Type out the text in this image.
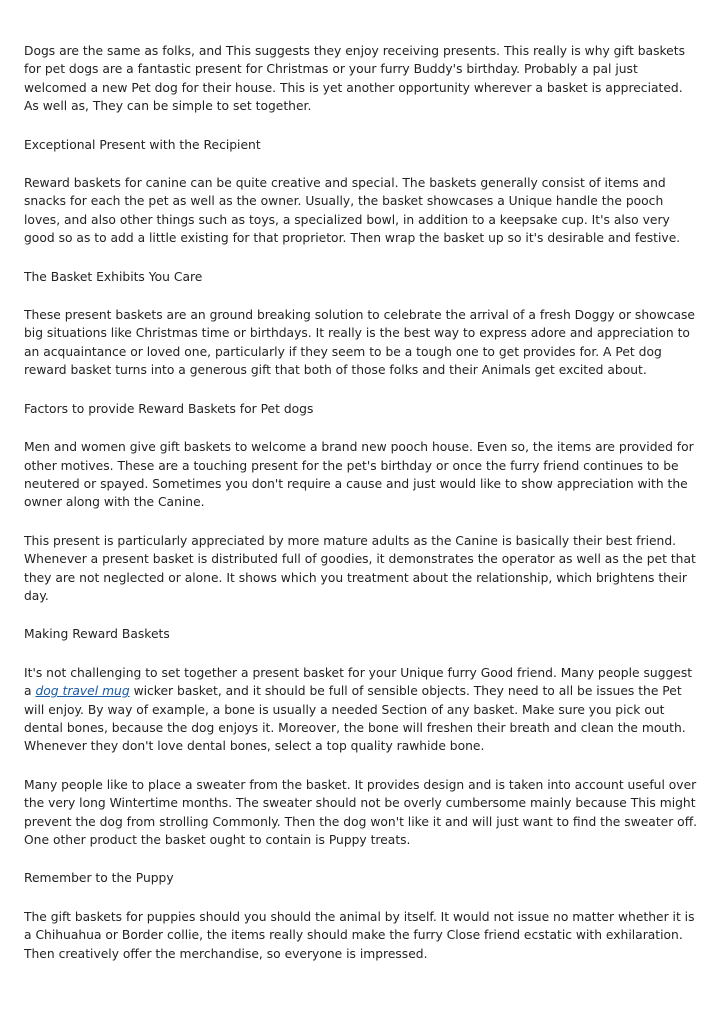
Dogs are the same as folks, and This suggests they enjoy receiving presents. This really is why gift baskets for pet dogs are a fantastic present for Christmas or your furry Buddy's birthday. Probably a pal just welcomed a new Pet dog for their house. This is yet another opportunity wherever a basket is appreciated. As well as, They can be simple to set together.

Exceptional Present with the Recipient

Reward baskets for canine can be quite creative and special. The baskets generally consist of items and snacks for each the pet as well as the owner. Usually, the basket showcases a Unique handle the pooch loves, and also other things such as toys, a specialized bowl, in addition to a keepsake cup. It's also very good so as to add a little existing for that proprietor. Then wrap the basket up so it's desirable and festive.

The Basket Exhibits You Care

These present baskets are an ground breaking solution to celebrate the arrival of a fresh Doggy or showcase big situations like Christmas time or birthdays. It really is the best way to express adore and appreciation to an acquaintance or loved one, particularly if they seem to be a tough one to get provides for. A Pet dog reward basket turns into a generous gift that both of those folks and their Animals get excited about.

Factors to provide Reward Baskets for Pet dogs

Men and women give gift baskets to welcome a brand new pooch house. Even so, the items are provided for other motives. These are a touching present for the pet's birthday or once the furry friend continues to be neutered or spayed. Sometimes you don't require a cause and just would like to show appreciation with the owner along with the Canine.

This present is particularly appreciated by more mature adults as the Canine is basically their best friend. Whenever a present basket is distributed full of goodies, it demonstrates the operator as well as the pet that they are not neglected or alone. It shows which you treatment about the relationship, which brightens their day.

Making Reward Baskets

It's not challenging to set together a present basket for your Unique furry Good friend. Many people suggest a dog travel mug wicker basket, and it should be full of sensible objects. They need to all be issues the Pet will enjoy. By way of example, a bone is usually a needed Section of any basket. Make sure you pick out dental bones, because the dog enjoys it. Moreover, the bone will freshen their breath and clean the mouth. Whenever they don't love dental bones, select a top quality rawhide bone.

Many people like to place a sweater from the basket. It provides design and is taken into account useful over the very long Wintertime months. The sweater should not be overly cumbersome mainly because This might prevent the dog from strolling Commonly. Then the dog won't like it and will just want to find the sweater off. One other product the basket ought to contain is Puppy treats.

Remember to the Puppy

The gift baskets for puppies should you should the animal by itself. It would not issue no matter whether it is a Chihuahua or Border collie, the items really should make the furry Close friend ecstatic with exhilaration. Then creatively offer the merchandise, so everyone is impressed.
